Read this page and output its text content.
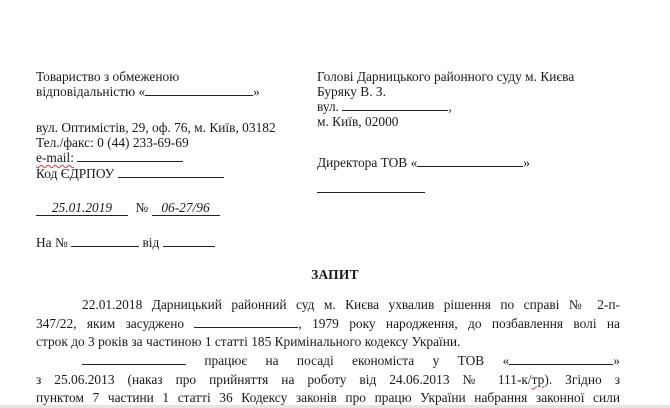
Товариство з обмеженою
відповідальністю «	»
вул. Оптимістів, 29, оф. 76, м. Київ, 03182
Тел./факс: 0 (44) 233-69-69
e-mail:
Код ЄДРПОУ
Голові Дарницького районного суду м. Києва
Буряку В. З.
вул.	,
м. Київ, 02000
Директора ТОВ «	»
25.01.2019 № 06-27/96
На №	від
ЗАПИТ
22.01.2018 Дарницький районний суд м. Києва ухвалив рішення по справі № 2-п-
347/22, яким засуджено	, 1979 року народження, до позбавлення волі на
строк до 3 років за частиною 1 статті 185 Кримінального кодексу України.
працює на посаді економіста у ТОВ «	»
з 25.06.2013 (наказ про прийняття на роботу від 24.06.2013 № 111-к/тр). Згідно з
пунктом 7 частини 1 статті 36 Кодексу законів про працю України набрання законної сили
